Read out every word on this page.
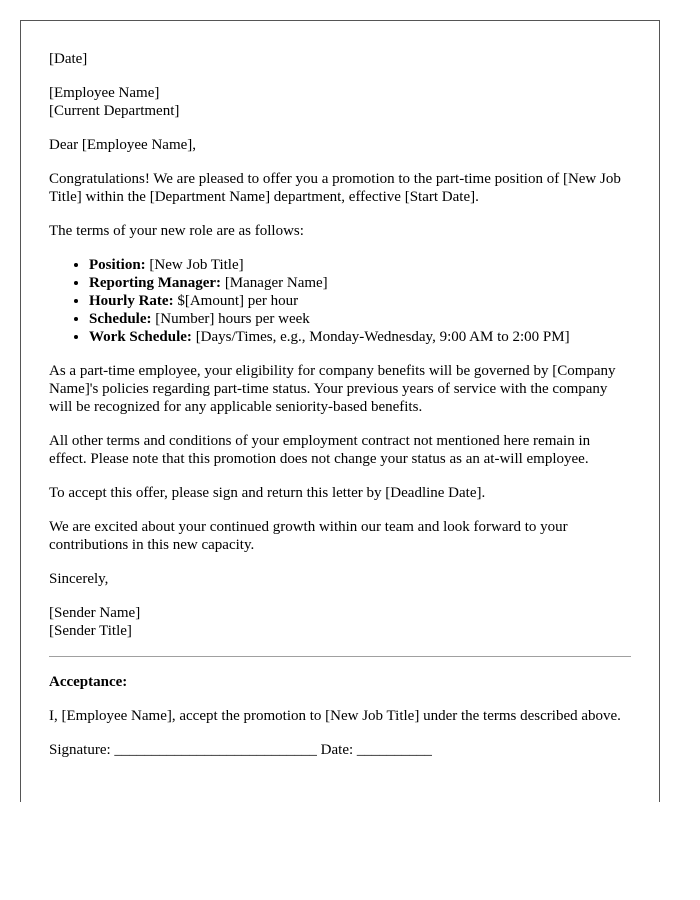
[Date]

[Employee Name]

[Current Department]

Dear [Employee Name],

Congratulations! We are pleased to offer you a promotion to the part-time position of [New Job Title] within the [Department Name] department, effective [Start Date].

The terms of your new role are as follows:

• Position: [New Job Title]
• Reporting Manager: [Manager Name]
• Hourly Rate: $[Amount] per hour
• Schedule: [Number] hours per week
• Work Schedule: [Days/Times, e.g., Monday-Wednesday, 9:00 AM to 2:00 PM]

As a part-time employee, your eligibility for company benefits will be governed by [Company Name]'s policies regarding part-time status. Your previous years of service with the company will be recognized for any applicable seniority-based benefits.

All other terms and conditions of your employment contract not mentioned here remain in effect. Please note that this promotion does not change your status as an at-will employee.

To accept this offer, please sign and return this letter by [Deadline Date].

We are excited about your continued growth within our team and look forward to your contributions in this new capacity.

Sincerely,

[Sender Name]

[Sender Title]

Acceptance:

I, [Employee Name], accept the promotion to [New Job Title] under the terms described above.

Signature: ___________________________ Date: __________
